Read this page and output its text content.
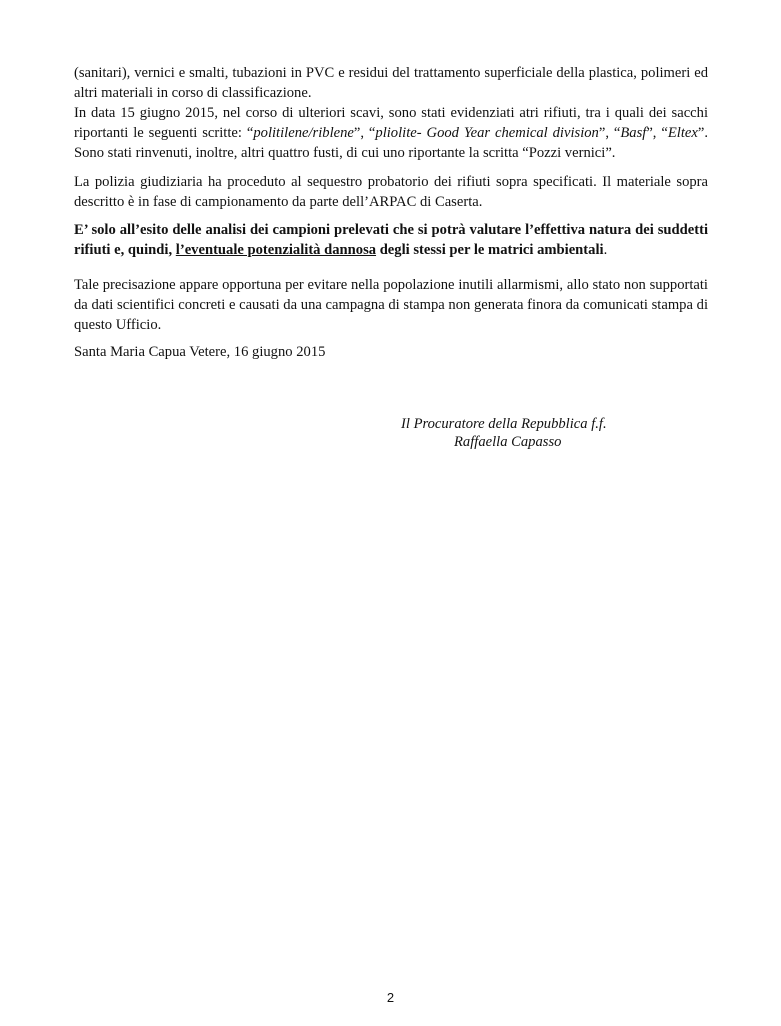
(sanitari), vernici e smalti, tubazioni in PVC e residui del trattamento superficiale della plastica, polimeri ed altri materiali in corso di classificazione.

In data 15 giugno 2015, nel corso di ulteriori scavi, sono stati evidenziati atri rifiuti, tra i quali dei sacchi riportanti le seguenti scritte: “politilene/riblene”, “pliolite- Good Year chemical division”, “Basf”, “Eltex”. Sono stati rinvenuti, inoltre, altri quattro fusti, di cui uno riportante la scritta “Pozzi vernici”.

La polizia giudiziaria ha proceduto al sequestro probatorio dei rifiuti sopra specificati. Il materiale sopra descritto è in fase di campionamento da parte dell’ARPAC di Caserta.

E’ solo all’esito delle analisi dei campioni prelevati che si potrà valutare l’effettiva natura dei suddetti rifiuti e, quindi, l’eventuale potenzialità dannosa degli stessi per le matrici ambientali.

Tale precisazione appare opportuna per evitare nella popolazione inutili allarmismi, allo stato non supportati da dati scientifici concreti e causati da una campagna di stampa non generata finora da comunicati stampa di questo Ufficio.

Santa Maria Capua Vetere, 16 giugno 2015

Il Procuratore della Repubblica f.f.
Raffaella Capasso
2
